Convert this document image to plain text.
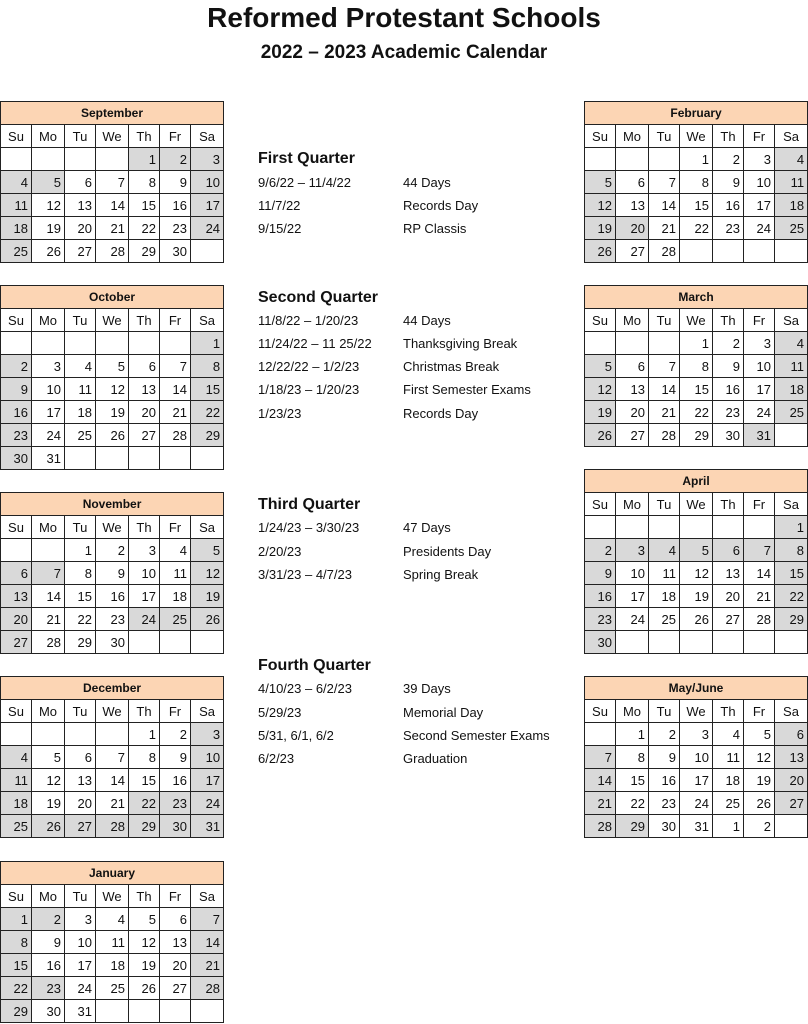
Reformed Protestant Schools
2022 – 2023 Academic Calendar
September						
Su	Mo	Tu	We	Th	Fr	Sa
				1	2	3
4	5	6	7	8	9	10
11	12	13	14	15	16	17
18	19	20	21	22	23	24
25	26	27	28	29	30	
October						
Su	Mo	Tu	We	Th	Fr	Sa
						1
2	3	4	5	6	7	8
9	10	11	12	13	14	15
16	17	18	19	20	21	22
23	24	25	26	27	28	29
30	31					
November						
Su	Mo	Tu	We	Th	Fr	Sa
		1	2	3	4	5
6	7	8	9	10	11	12
13	14	15	16	17	18	19
20	21	22	23	24	25	26
27	28	29	30			
December						
Su	Mo	Tu	We	Th	Fr	Sa
				1	2	3
4	5	6	7	8	9	10
11	12	13	14	15	16	17
18	19	20	21	22	23	24
25	26	27	28	29	30	31
January						
Su	Mo	Tu	We	Th	Fr	Sa
1	2	3	4	5	6	7
8	9	10	11	12	13	14
15	16	17	18	19	20	21
22	23	24	25	26	27	28
29	30	31				
February						
Su	Mo	Tu	We	Th	Fr	Sa
			1	2	3	4
5	6	7	8	9	10	11
12	13	14	15	16	17	18
19	20	21	22	23	24	25
26	27	28				
March						
Su	Mo	Tu	We	Th	Fr	Sa
			1	2	3	4
5	6	7	8	9	10	11
12	13	14	15	16	17	18
19	20	21	22	23	24	25
26	27	28	29	30	31	
April						
Su	Mo	Tu	We	Th	Fr	Sa
						1
2	3	4	5	6	7	8
9	10	11	12	13	14	15
16	17	18	19	20	21	22
23	24	25	26	27	28	29
30						
May/June						
Su	Mo	Tu	We	Th	Fr	Sa
	1	2	3	4	5	6
7	8	9	10	11	12	13
14	15	16	17	18	19	20
21	22	23	24	25	26	27
28	29	30	31	1	2	
First Quarter
9/6/22 – 11/4/22	44 Days
11/7/22	Records Day
9/15/22	RP Classis
Second Quarter
11/8/22 – 1/20/23	44 Days
11/24/22 – 11 25/22 Thanksgiving Break
12/22/22 – 1/2/23	Christmas Break
1/18/23 – 1/20/23	First Semester Exams
1/23/23	Records Day
Third Quarter
1/24/23 – 3/30/23	47 Days
2/20/23	Presidents Day
3/31/23 – 4/7/23	Spring Break
Fourth Quarter
4/10/23 – 6/2/23	39 Days
5/29/23	Memorial Day
5/31, 6/1, 6/2	Second Semester Exams
6/2/23	Graduation
